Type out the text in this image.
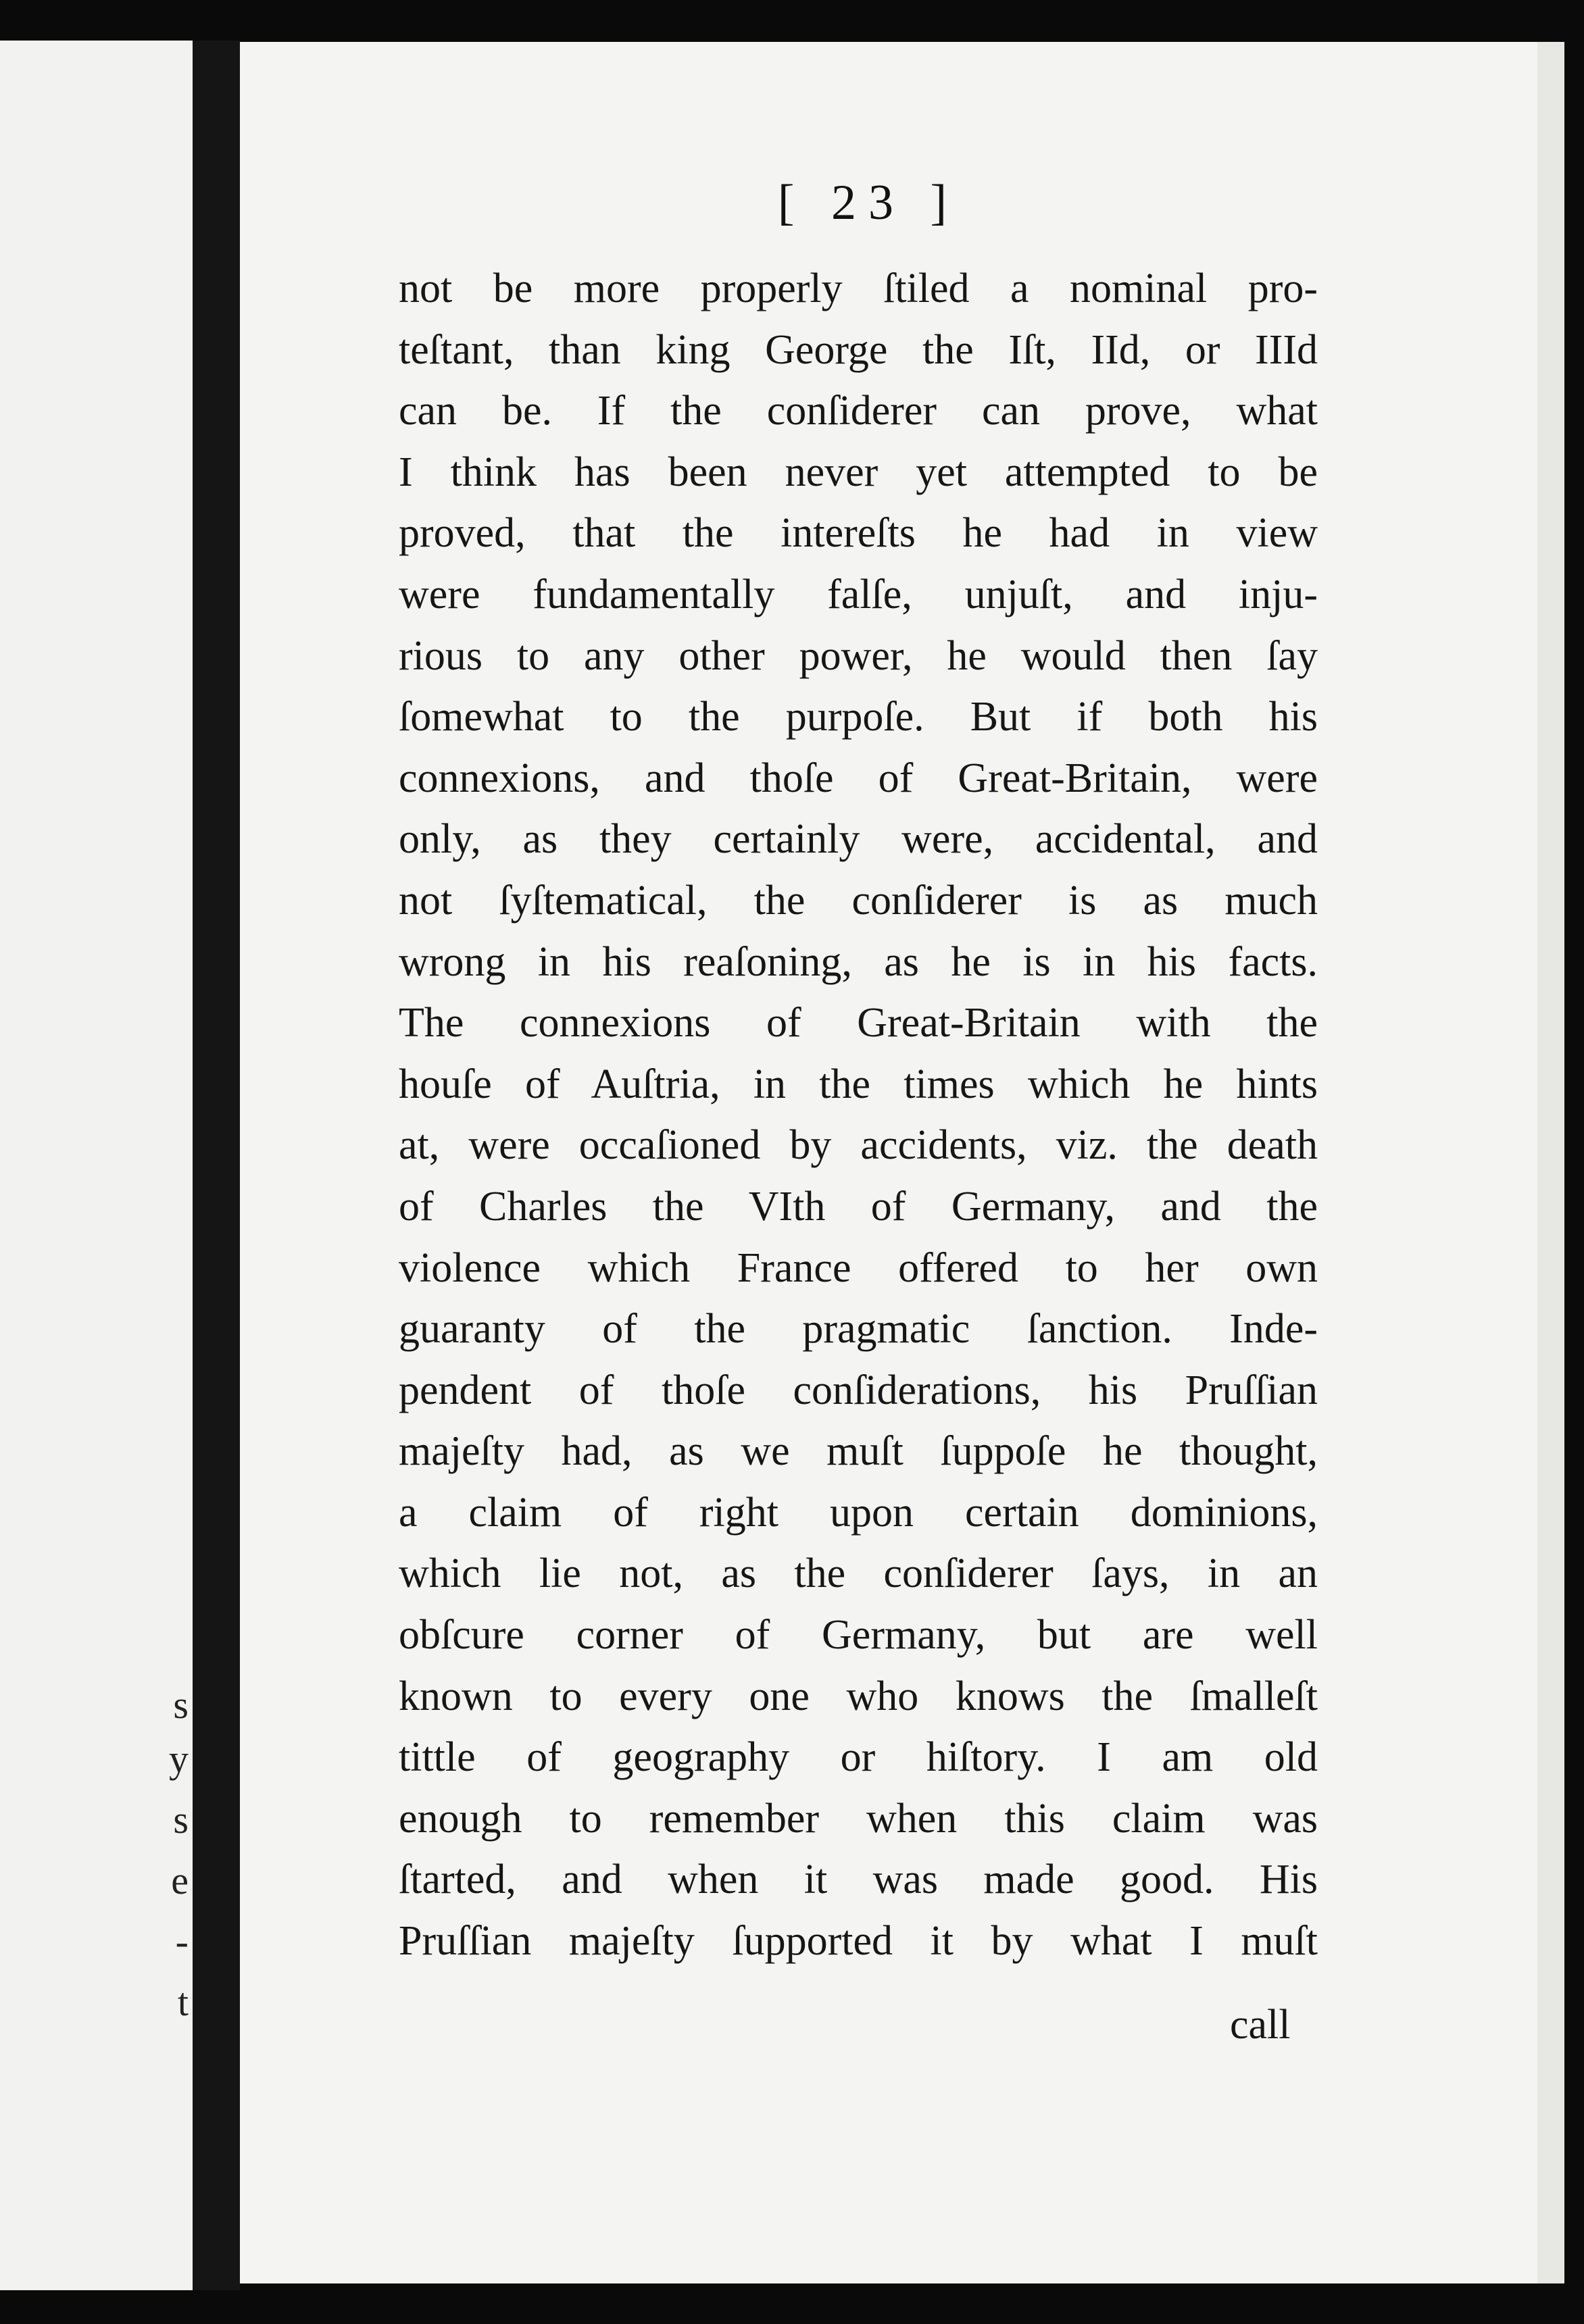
s
y
s
e
-
t
[ 23 ]
not be more properly ſtiled a nominal pro-
teſtant, than king George the Iſt, IId, or IIId
can be. If the conſiderer can prove, what
I think has been never yet attempted to be
proved, that the intereſts he had in view
were fundamentally falſe, unjuſt, and inju-
rious to any other power, he would then ſay
ſomewhat to the purpoſe. But if both his
connexions, and thoſe of Great-Britain, were
only, as they certainly were, accidental, and
not ſyſtematical, the conſiderer is as much
wrong in his reaſoning, as he is in his facts.
The connexions of Great-Britain with the
houſe of Auſtria, in the times which he hints
at, were occaſioned by accidents, viz. the death
of Charles the VIth of Germany, and the
violence which France offered to her own
guaranty of the pragmatic ſanction. Inde-
pendent of thoſe conſiderations, his Pruſſian
majeſty had, as we muſt ſuppoſe he thought,
a claim of right upon certain dominions,
which lie not, as the conſiderer ſays, in an
obſcure corner of Germany, but are well
known to every one who knows the ſmalleſt
tittle of geography or hiſtory. I am old
enough to remember when this claim was
ſtarted, and when it was made good. His
Pruſſian majeſty ſupported it by what I muſt
call
